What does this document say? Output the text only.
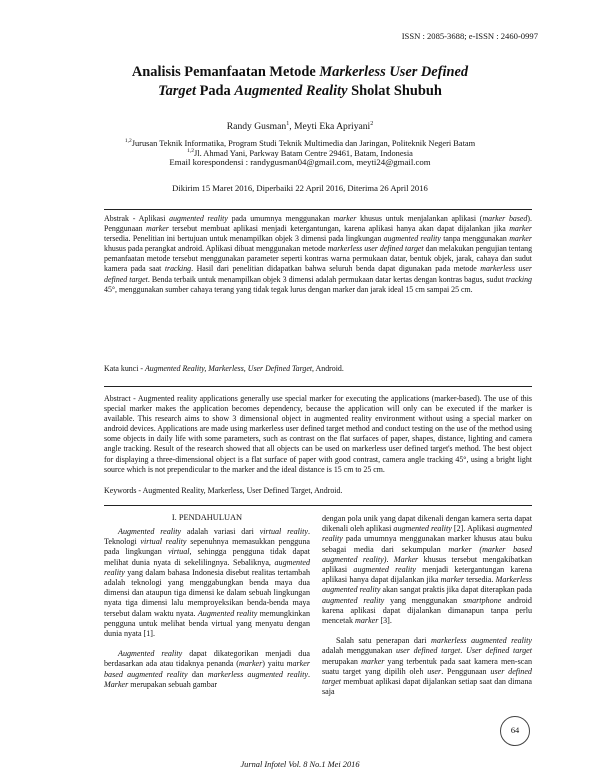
ISSN : 2085-3688; e-ISSN : 2460-0997
Analisis Pemanfaatan Metode Markerless User Defined
Target Pada Augmented Reality Sholat Shubuh
Randy Gusman$^1$, Meyti Eka Apriyani$^2$
$^{1,2}$Jurusan Teknik Informatika, Program Studi Teknik Multimedia dan Jaringan, Politeknik Negeri Batam
$^{1,2}$Jl. Ahmad Yani, Parkway Batam Centre 29461, Batam, Indonesia
Email korespondensi : randygusman04@gmail.com, meyti24@gmail.com
Dikirim 15 Maret 2016, Diperbaiki 22 April 2016, Diterima 26 April 2016
Abstrak - Aplikasi augmented reality pada umumnya menggunakan marker khusus untuk menjalankan aplikasi (marker based). Penggunaan marker tersebut membuat aplikasi menjadi ketergantungan, karena aplikasi hanya akan dapat dijalankan jika marker tersedia. Penelitian ini bertujuan untuk menampilkan objek 3 dimensi pada lingkungan augmented reality tanpa menggunakan marker khusus pada perangkat android. Aplikasi dibuat menggunakan metode markerless user defined target dan melakukan pengujian tentang pemanfaatan metode tersebut menggunakan parameter seperti kontras warna permukaan datar, bentuk objek, jarak, cahaya dan sudut kamera pada saat tracking. Hasil dari penelitian didapatkan bahwa seluruh benda dapat digunakan pada metode markerless user defined target. Benda terbaik untuk menampilkan objek 3 dimensi adalah permukaan datar kertas dengan kontras bagus, sudut tracking 45°, menggunakan sumber cahaya terang yang tidak tegak lurus dengan marker dan jarak ideal 15 cm sampai 25 cm.
Kata kunci - Augmented Reality, Markerless, User Defined Target, Android.
Abstract - Augmented reality applications generally use special marker for executing the applications (marker-based). The use of this special marker makes the application becomes dependency, because the application will only can be executed if the marker is available. This research aims to show 3 dimensional object in augmented reality environment without using a special marker on android devices. Applications are made using markerless user defined target method and conduct testing on the use of the method using some objects in daily life with some parameters, such as contrast on the flat surfaces of paper, shapes, distance, lighting and camera angle tracking. Result of the research showed that all objects can be used on markerless user defined target's method. The best object for displaying a three-dimensional object is a flat surface of paper with good contrast, camera angle tracking 45°, using a bright light source which is not prependicular to the marker and the ideal distance is 15 cm to 25 cm.
Keywords - Augmented Reality, Markerless, User Defined Target, Android.
I. PENDAHULUAN

Augmented reality adalah variasi dari virtual reality. Teknologi virtual reality sepenuhnya memasukkan pengguna pada lingkungan virtual, sehingga pengguna tidak dapat melihat dunia nyata di sekelilingnya. Sebaliknya, augmented reality yang dalam bahasa Indonesia disebut realitas tertambah adalah teknologi yang menggabungkan benda maya dua dimensi dan ataupun tiga dimensi ke dalam sebuah lingkungan nyata tiga dimensi lalu memproyeksikan benda-benda maya tersebut dalam waktu nyata. Augmented reality memungkinkan pengguna untuk melihat benda virtual yang menyatu dengan dunia nyata [1].

Augmented reality dapat dikategorikan menjadi dua berdasarkan ada atau tidaknya penanda (marker) yaitu marker based augmented reality dan markerless augmented reality. Marker merupakan sebuah gambar

dengan pola unik yang dapat dikenali dengan kamera serta dapat dikenali oleh aplikasi augmented reality [2]. Aplikasi augmented reality pada umumnya menggunakan marker khusus atau buku sebagai media dari sekumpulan marker (marker based augmented reality). Marker khusus tersebut mengakibatkan aplikasi augmented reality menjadi ketergantungan karena aplikasi hanya dapat dijalankan jika marker tersedia. Markerless augmented reality akan sangat praktis jika dapat diterapkan pada augmented reality yang menggunakan smartphone android karena aplikasi dapat dijalankan dimanapun tanpa perlu mencetak marker [3].

Salah satu penerapan dari markerless augmented reality adalah menggunakan user defined target. User defined target merupakan marker yang terbentuk pada saat kamera men-scan suatu target yang dipilih oleh user. Penggunaan user defined target membuat aplikasi dapat dijalankan setiap saat dan dimana saja

64
Jurnal Infotel Vol. 8 No.1 Mei 2016
